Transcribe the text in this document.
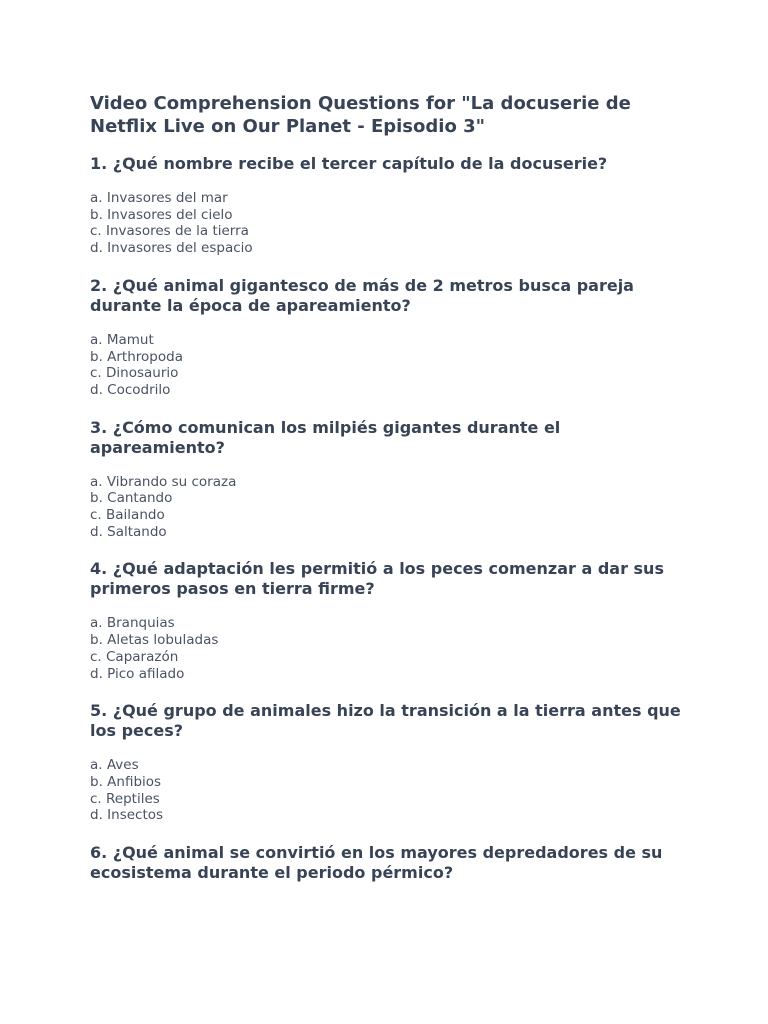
Video Comprehension Questions for "La docuserie de Netflix Live on Our Planet - Episodio 3"
1. ¿Qué nombre recibe el tercer capítulo de la docuserie?
a. Invasores del mar
b. Invasores del cielo
c. Invasores de la tierra
d. Invasores del espacio
2. ¿Qué animal gigantesco de más de 2 metros busca pareja durante la época de apareamiento?
a. Mamut
b. Arthropoda
c. Dinosaurio
d. Cocodrilo
3. ¿Cómo comunican los milpiés gigantes durante el apareamiento?
a. Vibrando su coraza
b. Cantando
c. Bailando
d. Saltando
4. ¿Qué adaptación les permitió a los peces comenzar a dar sus primeros pasos en tierra firme?
a. Branquias
b. Aletas lobuladas
c. Caparazón
d. Pico afilado
5. ¿Qué grupo de animales hizo la transición a la tierra antes que los peces?
a. Aves
b. Anfibios
c. Reptiles
d. Insectos
6. ¿Qué animal se convirtió en los mayores depredadores de su ecosistema durante el periodo pérmico?
